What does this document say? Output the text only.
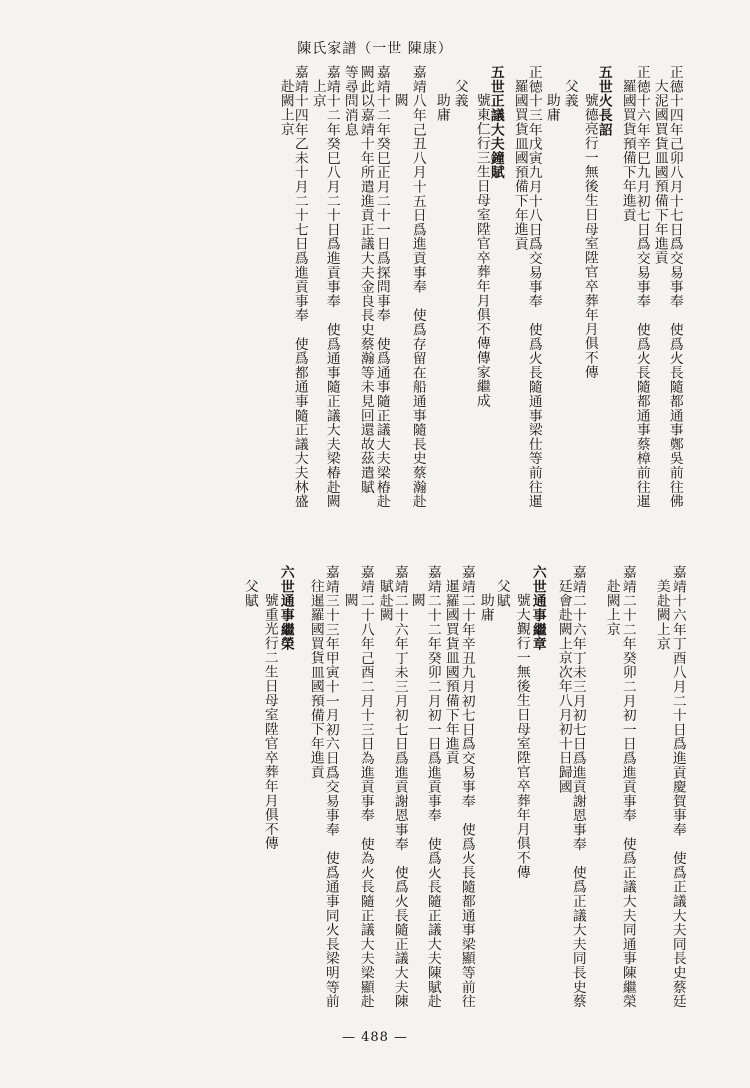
陳氏家譜（一世 陳康）
正德十四年己卯八月十七日爲交易事奉　使爲火長隨都通事鄭吳前往佛
大泥國買貨皿國預備下年進貢
正徳十六年辛巳九月初七日爲交易事奉　使爲火長隨都通事蔡樟前往暹
羅國買貨預備下年進貢
五世火長詔
號德亮行一無後生日母室陞官卒葬年月俱不傳
父義
助庸
正徳十三年戊寅九月十八日爲交易事奉　使爲火長隨通事梁仕等前往暹
羅國買貨皿國預備下年進貢
五世正議大夫鐘賦
號東仁行三生日母室陞官卒葬年月俱不傳傳家繼成
父義
助庸
嘉靖八年己丑八月十五日爲進貢事奉　使爲存留在船通事隨長史蔡瀚赴
闕
嘉靖十二年癸巳正月二十一日爲探問事奉　使爲通事隨正議大夫梁椿赴
闕此以嘉靖十年所遣進貢正議大夫金良長史蔡瀚等未見回還故茲遣賦
等尋問消息
嘉靖十二年癸巳八月二十日爲進貢事奉　使爲通事隨正議大夫梁椿赴闕
上京
嘉靖十四年乙未十月二十七日爲進貢事奉　使爲都通事隨正議大夫林盛
赴闕上京
嘉靖十六年丁酉八月二十日爲進貢慶賀事奉　使爲正議大夫同長史蔡廷
美赴闕上京
嘉靖二十二年癸卯二月初一日爲進貢事奉　使爲正議大夫同通事陳繼榮
赴闕上京
嘉靖二十六年丁未三月初七日爲進貢謝恩事奉　使爲正議大夫同長史蔡
廷會赴闕上京次年八月初十日歸國
六世通事繼章
號大覲行一無後生日母室陞官卒葬年月俱不傳
父賦
助庸
嘉靖二十年辛丑九月初七日爲交易事奉　使爲火長隨都通事梁顯等前往
暹羅國買貨皿國預備下年進貢
嘉靖二十二年癸卯二月初一日爲進貢事奉　使爲火長隨正議大夫陳賦赴
闕
嘉靖二十六年丁未三月初七日爲進貢謝恩事奉　使爲火長隨正議大夫陳
賦赴闕
嘉靖二十八年己酉二月十三日為進貢事奉　使為火長隨正議大夫梁顯赴
闕
嘉靖三十三年甲寅十一月初六日爲交易事奉　使爲通事同火長梁明等前
往暹羅國買貨皿國預備下年進貢
六世通事繼榮
號重光行二生日母室陞官卒葬年月俱不傳
父賦
— 488 —
